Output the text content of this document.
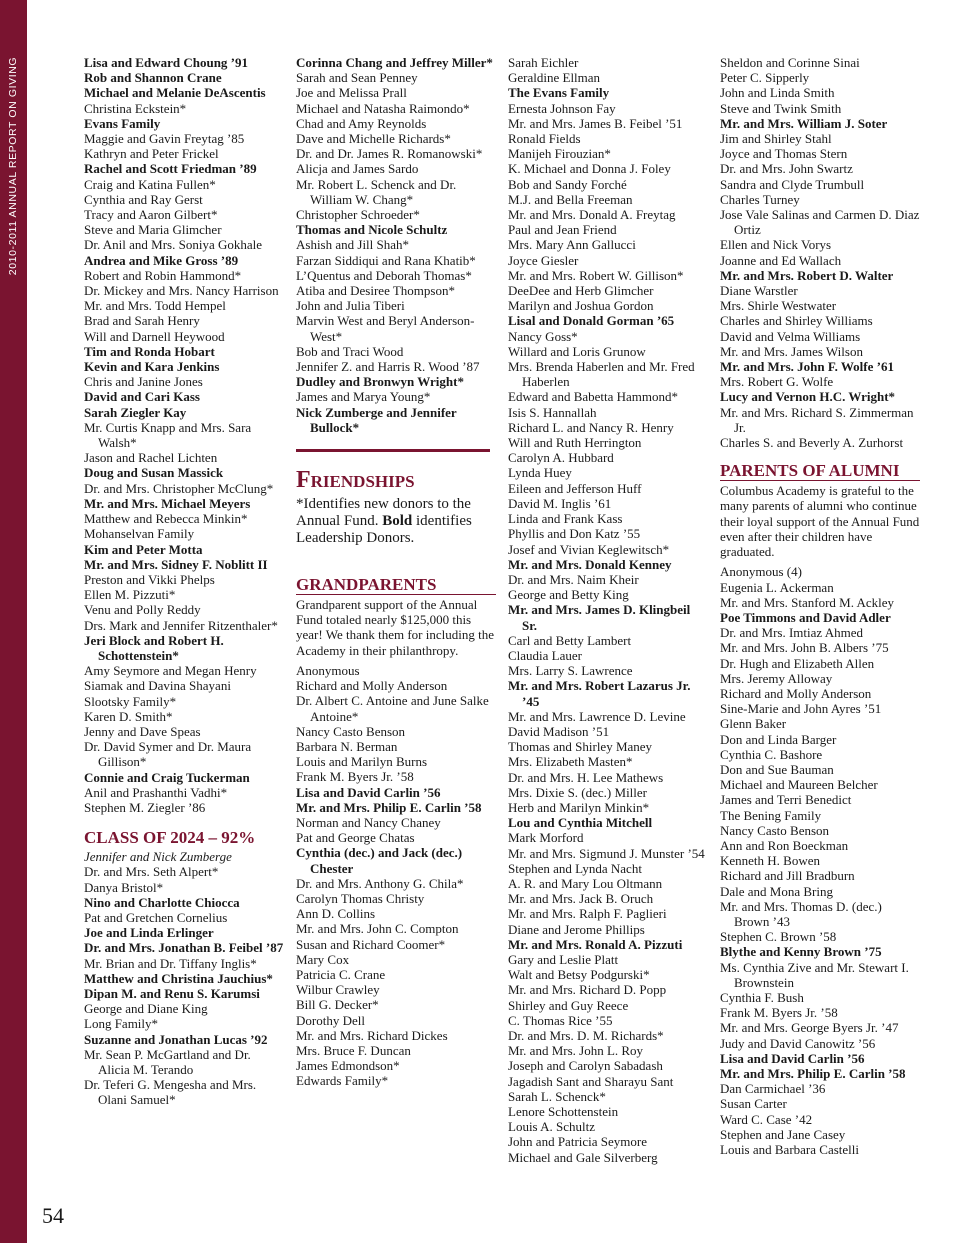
2010-2011 ANNUAL REPORT ON GIVING
54
Lisa and Edward Choung ’91
Rob and Shannon Crane
Michael and Melanie DeAscentis
Christina Eckstein*
Evans Family
Maggie and Gavin Freytag ’85
Kathryn and Peter Frickel
Rachel and Scott Friedman ’89
Craig and Katina Fullen*
Cynthia and Ray Gerst
Tracy and Aaron Gilbert*
Steve and Maria Glimcher
Dr. Anil and Mrs. Soniya Gokhale
Andrea and Mike Gross ’89
Robert and Robin Hammond*
Dr. Mickey and Mrs. Nancy Harrison
Mr. and Mrs. Todd Hempel
Brad and Sarah Henry
Will and Darnell Heywood
Tim and Ronda Hobart
Kevin and Kara Jenkins
Chris and Janine Jones
David and Cari Kass
Sarah Ziegler Kay
Mr. Curtis Knapp and Mrs. Sara Walsh*
Jason and Rachel Lichten
Doug and Susan Massick
Dr. and Mrs. Christopher McClung*
Mr. and Mrs. Michael Meyers
Matthew and Rebecca Minkin*
Mohanselvan Family
Kim and Peter Motta
Mr. and Mrs. Sidney F. Noblitt II
Preston and Vikki Phelps
Ellen M. Pizzuti*
Venu and Polly Reddy
Drs. Mark and Jennifer Ritzenthaler*
Jeri Block and Robert H. Schottenstein*
Amy Seymore and Megan Henry
Siamak and Davina Shayani
Slootsky Family*
Karen D. Smith*
Jenny and Dave Speas
Dr. David Symer and Dr. Maura Gillison*
Connie and Craig Tuckerman
Anil and Prashanthi Vadhi*
Stephen M. Ziegler ’86
CLASS OF 2024 – 92%
Jennifer and Nick Zumberge
Dr. and Mrs. Seth Alpert*
Danya Bristol*
Nino and Charlotte Chiocca
Pat and Gretchen Cornelius
Joe and Linda Erlinger
Dr. and Mrs. Jonathan B. Feibel ’87
Mr. Brian and Dr. Tiffany Inglis*
Matthew and Christina Jauchius*
Dipan M. and Renu S. Karumsi
George and Diane King
Long Family*
Suzanne and Jonathan Lucas ’92
Mr. Sean P. McGartland and Dr. Alicia M. Terando
Dr. Teferi G. Mengesha and Mrs. Olani Samuel*
Corinna Chang and Jeffrey Miller*
Sarah and Sean Penney
Joe and Melissa Prall
Michael and Natasha Raimondo*
Chad and Amy Reynolds
Dave and Michelle Richards*
Dr. and Dr. James R. Romanowski*
Alicja and James Sardo
Mr. Robert L. Schenck and Dr. William W. Chang*
Christopher Schroeder*
Thomas and Nicole Schultz
Ashish and Jill Shah*
Farzan Siddiqui and Rana Khatib*
L’Quentus and Deborah Thomas*
Atiba and Desiree Thompson*
John and Julia Tiberi
Marvin West and Beryl Anderson-West*
Bob and Traci Wood
Jennifer Z. and Harris R. Wood ’87
Dudley and Bronwyn Wright*
James and Marya Young*
Nick Zumberge and Jennifer Bullock*
Friendships
*Identifies new donors to the Annual Fund. Bold identifies Leadership Donors.
GRANDPARENTS
Grandparent support of the Annual Fund totaled nearly $125,000 this year! We thank them for including the Academy in their philanthropy.
Anonymous
Richard and Molly Anderson
Dr. Albert C. Antoine and June Salke Antoine*
Nancy Casto Benson
Barbara N. Berman
Louis and Marilyn Burns
Frank M. Byers Jr. ’58
Lisa and David Carlin ’56
Mr. and Mrs. Philip E. Carlin ’58
Norman and Nancy Chaney
Pat and George Chatas
Cynthia (dec.) and Jack (dec.) Chester
Dr. and Mrs. Anthony G. Chila*
Carolyn Thomas Christy
Ann D. Collins
Mr. and Mrs. John C. Compton
Susan and Richard Coomer*
Mary Cox
Patricia C. Crane
Wilbur Crawley
Bill G. Decker*
Dorothy Dell
Mr. and Mrs. Richard Dickes
Mrs. Bruce F. Duncan
James Edmondson*
Edwards Family*
Sarah Eichler
Geraldine Ellman
The Evans Family
Ernesta Johnson Fay
Mr. and Mrs. James B. Feibel ’51
Ronald Fields
Manijeh Firouzian*
K. Michael and Donna J. Foley
Bob and Sandy Forché
M.J. and Bella Freeman
Mr. and Mrs. Donald A. Freytag
Paul and Jean Friend
Mrs. Mary Ann Gallucci
Joyce Giesler
Mr. and Mrs. Robert W. Gillison*
DeeDee and Herb Glimcher
Marilyn and Joshua Gordon
Lisal and Donald Gorman ’65
Nancy Goss*
Willard and Loris Grunow
Mrs. Brenda Haberlen and Mr. Fred Haberlen
Edward and Babetta Hammond*
Isis S. Hannallah
Richard L. and Nancy R. Henry
Will and Ruth Herrington
Carolyn A. Hubbard
Lynda Huey
Eileen and Jefferson Huff
David M. Inglis ’61
Linda and Frank Kass
Phyllis and Don Katz ’55
Josef and Vivian Keglewitsch*
Mr. and Mrs. Donald Kenney
Dr. and Mrs. Naim Kheir
George and Betty King
Mr. and Mrs. James D. Klingbeil Sr.
Carl and Betty Lambert
Claudia Lauer
Mrs. Larry S. Lawrence
Mr. and Mrs. Robert Lazarus Jr. ’45
Mr. and Mrs. Lawrence D. Levine
David Madison ’51
Thomas and Shirley Maney
Mrs. Elizabeth Masten*
Dr. and Mrs. H. Lee Mathews
Mrs. Dixie S. (dec.) Miller
Herb and Marilyn Minkin*
Lou and Cynthia Mitchell
Mark Morford
Mr. and Mrs. Sigmund J. Munster ’54
Stephen and Lynda Nacht
A. R. and Mary Lou Oltmann
Mr. and Mrs. Jack B. Oruch
Mr. and Mrs. Ralph F. Paglieri
Diane and Jerome Phillips
Mr. and Mrs. Ronald A. Pizzuti
Gary and Leslie Platt
Walt and Betsy Podgurski*
Mr. and Mrs. Richard D. Popp
Shirley and Guy Reece
C. Thomas Rice ’55
Dr. and Mrs. D. M. Richards*
Mr. and Mrs. John L. Roy
Joseph and Carolyn Sabadash
Jagadish Sant and Sharayu Sant
Sarah L. Schenck*
Lenore Schottenstein
Louis A. Schultz
John and Patricia Seymore
Michael and Gale Silverberg
Sheldon and Corinne Sinai
Peter C. Sipperly
John and Linda Smith
Steve and Twink Smith
Mr. and Mrs. William J. Soter
Jim and Shirley Stahl
Joyce and Thomas Stern
Dr. and Mrs. John Swartz
Sandra and Clyde Trumbull
Charles Turney
Jose Vale Salinas and Carmen D. Diaz Ortiz
Ellen and Nick Vorys
Joanne and Ed Wallach
Mr. and Mrs. Robert D. Walter
Diane Warstler
Mrs. Shirle Westwater
Charles and Shirley Williams
David and Velma Williams
Mr. and Mrs. James Wilson
Mr. and Mrs. John F. Wolfe ’61
Mrs. Robert G. Wolfe
Lucy and Vernon H.C. Wright*
Mr. and Mrs. Richard S. Zimmerman Jr.
Charles S. and Beverly A. Zurhorst
PARENTS OF ALUMNI
Columbus Academy is grateful to the many parents of alumni who continue their loyal support of the Annual Fund even after their children have graduated.
Anonymous (4)
Eugenia L. Ackerman
Mr. and Mrs. Stanford M. Ackley
Poe Timmons and David Adler
Dr. and Mrs. Imtiaz Ahmed
Mr. and Mrs. John B. Albers ’75
Dr. Hugh and Elizabeth Allen
Mrs. Jeremy Alloway
Richard and Molly Anderson
Sine-Marie and John Ayres ’51
Glenn Baker
Don and Linda Barger
Cynthia C. Bashore
Don and Sue Bauman
Michael and Maureen Belcher
James and Terri Benedict
The Bening Family
Nancy Casto Benson
Ann and Ron Boeckman
Kenneth H. Bowen
Richard and Jill Bradburn
Dale and Mona Bring
Mr. and Mrs. Thomas D. (dec.) Brown ’43
Stephen C. Brown ’58
Blythe and Kenny Brown ’75
Ms. Cynthia Zive and Mr. Stewart I. Brownstein
Cynthia F. Bush
Frank M. Byers Jr. ’58
Mr. and Mrs. George Byers Jr. ’47
Judy and David Canowitz ’56
Lisa and David Carlin ’56
Mr. and Mrs. Philip E. Carlin ’58
Dan Carmichael ’36
Susan Carter
Ward C. Case ’42
Stephen and Jane Casey
Louis and Barbara Castelli
